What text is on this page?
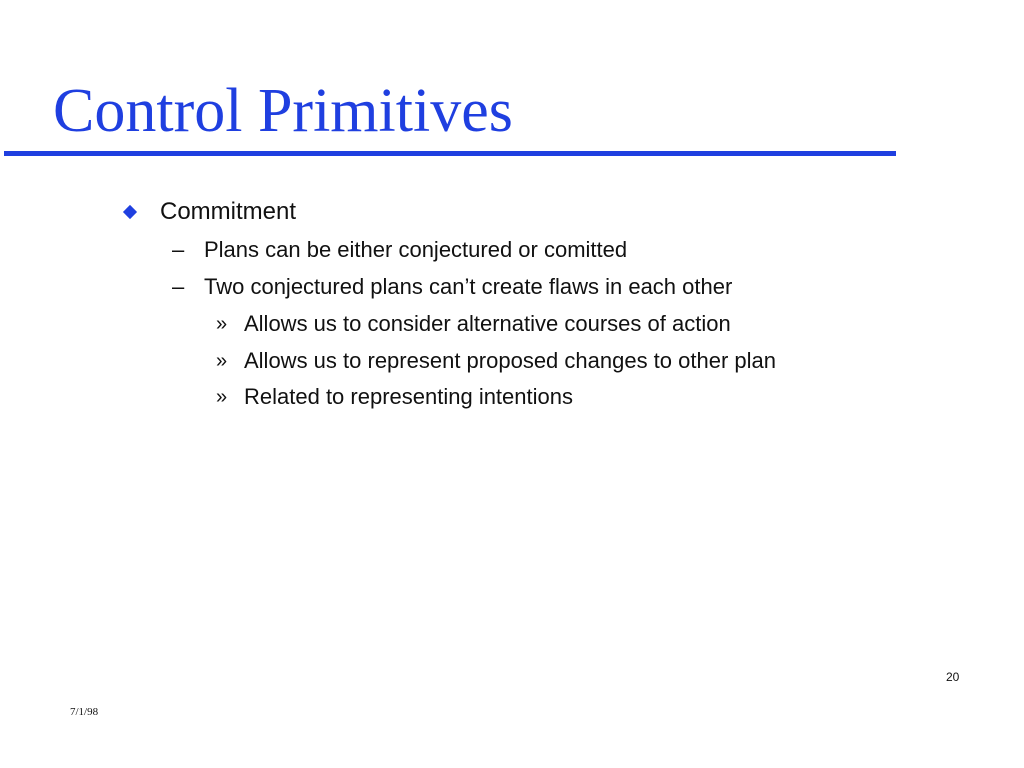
Control Primitives
Commitment
– Plans can be either conjectured or comitted
– Two conjectured plans can’t create flaws in each other
» Allows us to consider alternative courses of action
» Allows us to represent proposed changes to other plan
» Related to representing intentions
20
7/1/98
